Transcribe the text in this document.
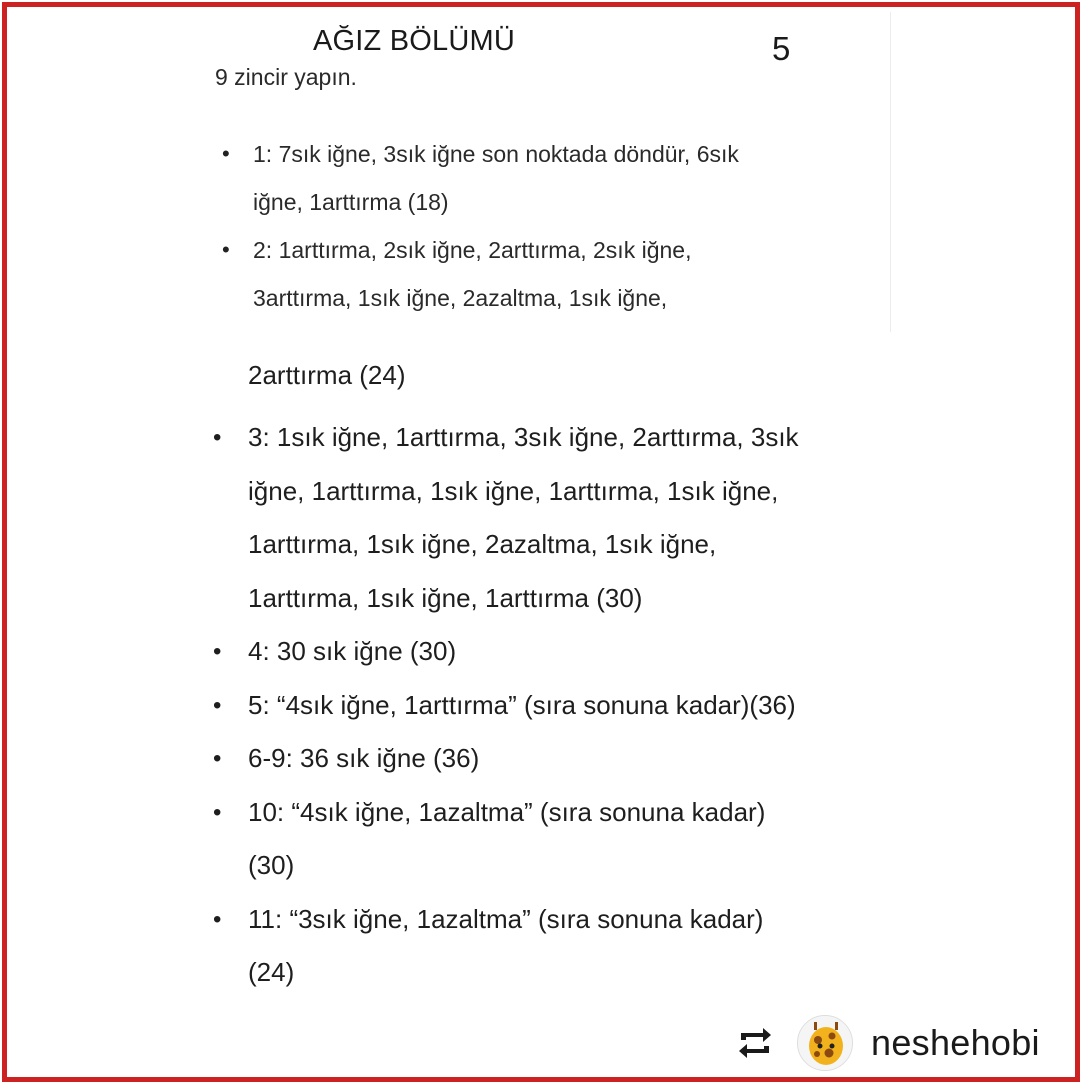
AĞIZ BÖLÜMÜ	5
9 zincir yapın.
• 1: 7sık iğne, 3sık iğne son noktada döndür, 6sık
iğne, 1arttırma (18)
• 2: 1arttırma, 2sık iğne, 2arttırma, 2sık iğne,
3arttırma, 1sık iğne, 2azaltma, 1sık iğne,
2arttırma (24)
• 3: 1sık iğne, 1arttırma, 3sık iğne, 2arttırma, 3sık
iğne, 1arttırma, 1sık iğne, 1arttırma, 1sık iğne,
1arttırma, 1sık iğne, 2azaltma, 1sık iğne,
1arttırma, 1sık iğne, 1arttırma (30)
• 4: 30 sık iğne (30)
• 5: “4sık iğne, 1arttırma” (sıra sonuna kadar)(36)
• 6-9: 36 sık iğne (36)
• 10: “4sık iğne, 1azaltma” (sıra sonuna kadar)
(30)
• 11: “3sık iğne, 1azaltma” (sıra sonuna kadar)
(24)
neshehobi
